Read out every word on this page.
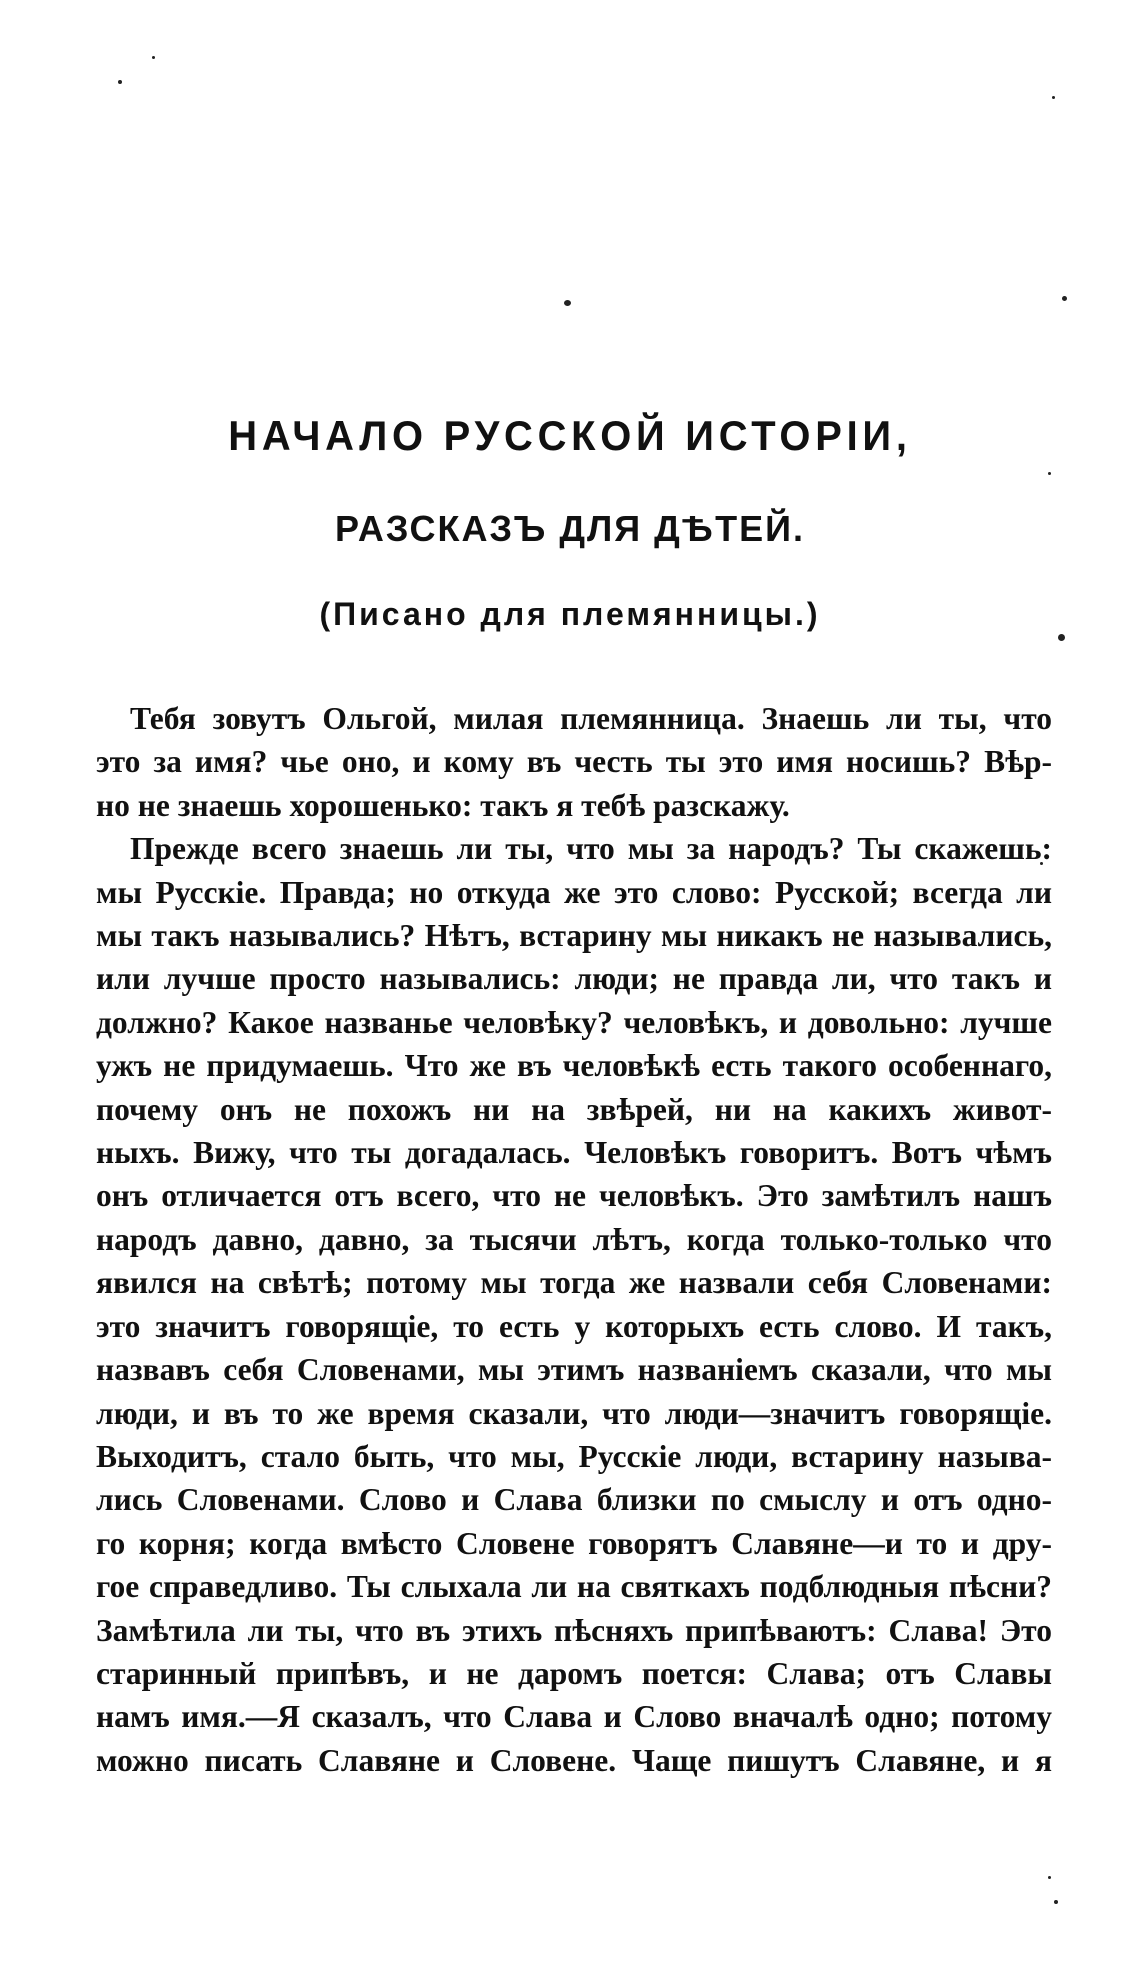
НАЧАЛО РУССКОЙ ИСТОРІИ,
РАЗСКАЗЪ ДЛЯ ДѢТЕЙ.
(Писано для племянницы.)
Тебя зовутъ Ольгой, милая племянница. Знаешь ли ты, что
это за имя? чье оно, и кому въ честь ты это имя носишь? Вѣр-
но не знаешь хорошенько: такъ я тебѣ разскажу.
Прежде всего знаешь ли ты, что мы за народъ? Ты скажешь:
мы Русскіе. Правда; но откуда же это слово: Русской; всегда ли
мы такъ назывались? Нѣтъ, встарину мы никакъ не назывались,
или лучше просто назывались: люди; не правда ли, что такъ и
должно? Какое названье человѣку? человѣкъ, и довольно: лучше
ужъ не придумаешь. Что же въ человѣкѣ есть такого особеннаго,
почему онъ не похожъ ни на звѣрей, ни на какихъ живот-
ныхъ. Вижу, что ты догадалась. Человѣкъ говоритъ. Вотъ чѣмъ
онъ отличается отъ всего, что не человѣкъ. Это замѣтилъ нашъ
народъ давно, давно, за тысячи лѣтъ, когда только-только что
явился на свѣтѣ; потому мы тогда же назвали себя Словенами:
это значитъ говорящіе, то есть у которыхъ есть слово. И такъ,
назвавъ себя Словенами, мы этимъ названіемъ сказали, что мы
люди, и въ то же время сказали, что люди—значитъ говорящіе.
Выходитъ, стало быть, что мы, Русскіе люди, встарину называ-
лись Словенами. Слово и Слава близки по смыслу и отъ одно-
го корня; когда вмѣсто Словене говорятъ Славяне—и то и дру-
гое справедливо. Ты слыхала ли на святкахъ подблюдныя пѣсни?
Замѣтила ли ты, что въ этихъ пѣсняхъ припѣваютъ: Слава! Это
старинный припѣвъ, и не даромъ поется: Слава; отъ Славы
намъ имя.—Я сказалъ, что Слава и Слово вначалѣ одно; потому
можно писать Славяне и Словене. Чаще пишутъ Славяне, и я
